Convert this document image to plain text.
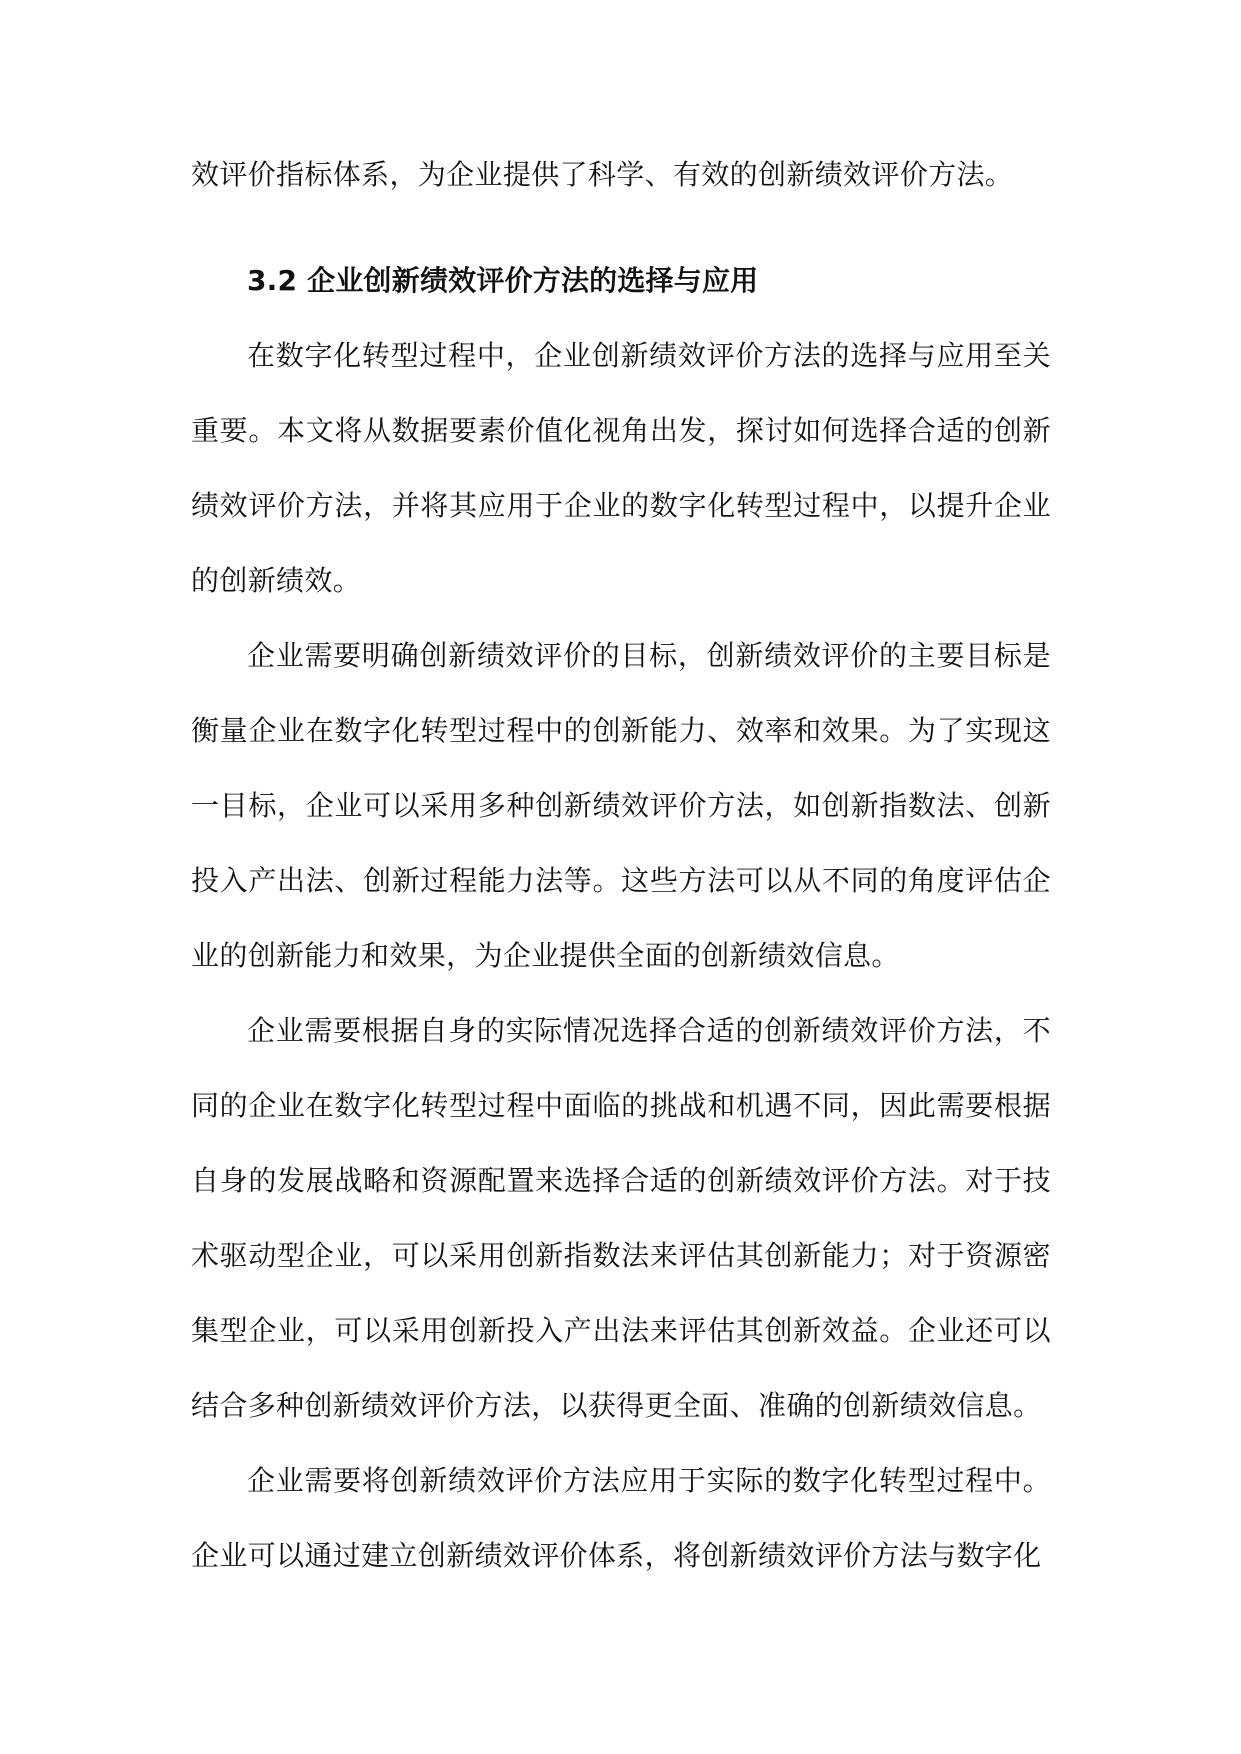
效评价指标体系，为企业提供了科学、有效的创新绩效评价方法。
3.2 企业创新绩效评价方法的选择与应用

在数字化转型过程中，企业创新绩效评价方法的选择与应用至关重要。本文将从数据要素价值化视角出发，探讨如何选择合适的创新绩效评价方法，并将其应用于企业的数字化转型过程中，以提升企业的创新绩效。

企业需要明确创新绩效评价的目标，创新绩效评价的主要目标是衡量企业在数字化转型过程中的创新能力、效率和效果。为了实现这一目标，企业可以采用多种创新绩效评价方法，如创新指数法、创新投入产出法、创新过程能力法等。这些方法可以从不同的角度评估企业的创新能力和效果，为企业提供全面的创新绩效信息。

企业需要根据自身的实际情况选择合适的创新绩效评价方法，不同的企业在数字化转型过程中面临的挑战和机遇不同，因此需要根据自身的发展战略和资源配置来选择合适的创新绩效评价方法。对于技术驱动型企业，可以采用创新指数法来评估其创新能力；对于资源密集型企业，可以采用创新投入产出法来评估其创新效益。企业还可以结合多种创新绩效评价方法，以获得更全面、准确的创新绩效信息。

企业需要将创新绩效评价方法应用于实际的数字化转型过程中。企业可以通过建立创新绩效评价体系，将创新绩效评价方法与数字化
